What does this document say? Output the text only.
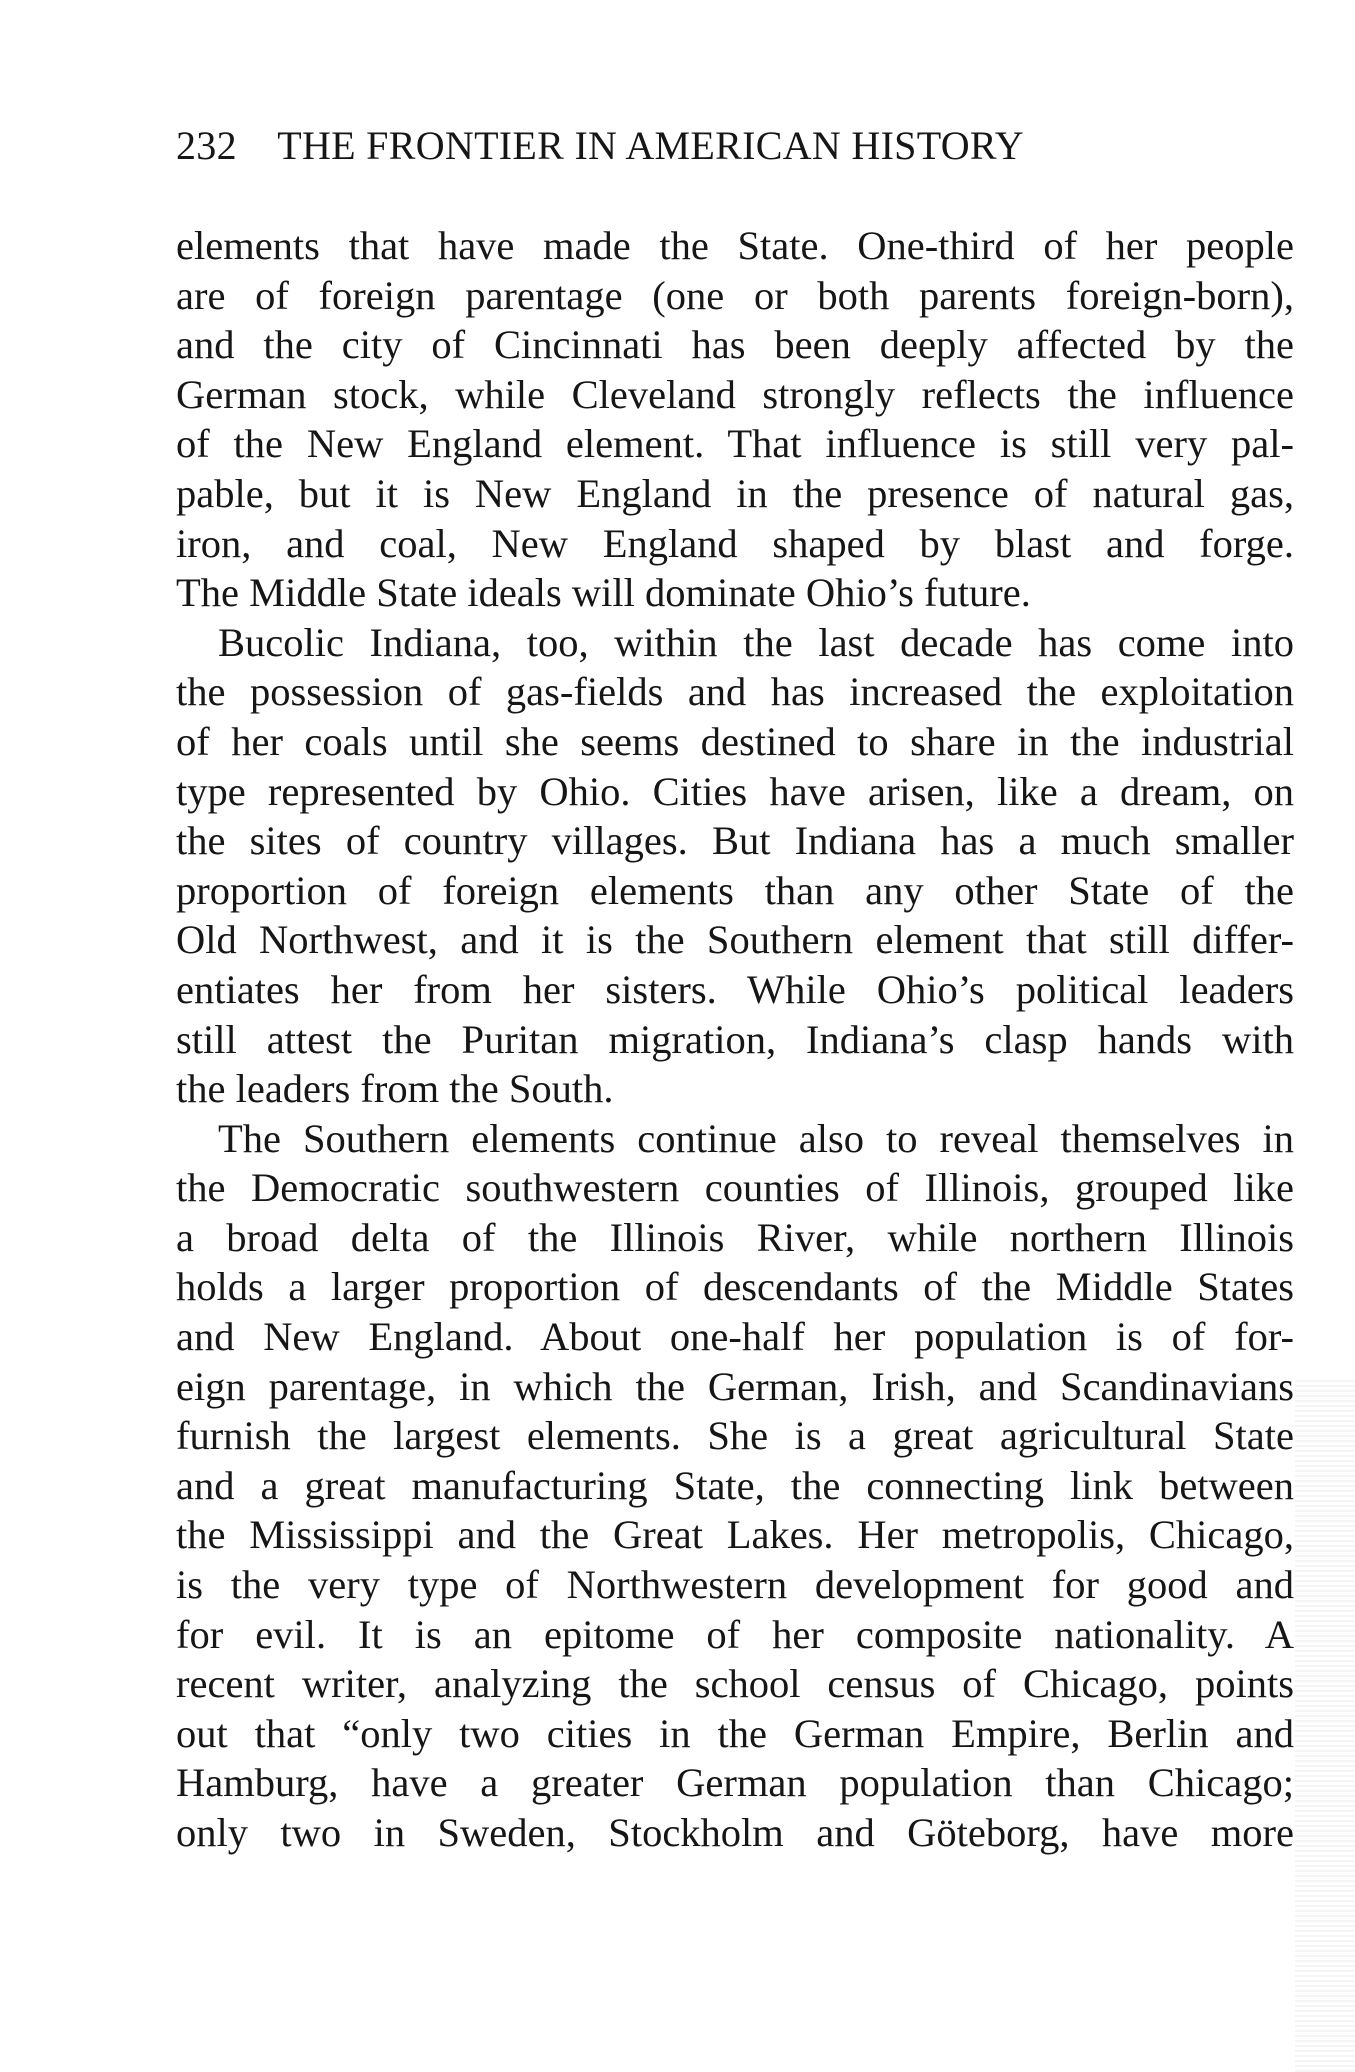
232 THE FRONTIER IN AMERICAN HISTORY
elements that have made the State. One-third of her people
are of foreign parentage (one or both parents foreign-born),
and the city of Cincinnati has been deeply affected by the
German stock, while Cleveland strongly reflects the influence
of the New England element. That influence is still very pal-
pable, but it is New England in the presence of natural gas,
iron, and coal, New England shaped by blast and forge.
The Middle State ideals will dominate Ohio’s future.
Bucolic Indiana, too, within the last decade has come into
the possession of gas-fields and has increased the exploitation
of her coals until she seems destined to share in the industrial
type represented by Ohio. Cities have arisen, like a dream, on
the sites of country villages. But Indiana has a much smaller
proportion of foreign elements than any other State of the
Old Northwest, and it is the Southern element that still differ-
entiates her from her sisters. While Ohio’s political leaders
still attest the Puritan migration, Indiana’s clasp hands with
the leaders from the South.
The Southern elements continue also to reveal themselves in
the Democratic southwestern counties of Illinois, grouped like
a broad delta of the Illinois River, while northern Illinois
holds a larger proportion of descendants of the Middle States
and New England. About one-half her population is of for-
eign parentage, in which the German, Irish, and Scandinavians
furnish the largest elements. She is a great agricultural State
and a great manufacturing State, the connecting link between
the Mississippi and the Great Lakes. Her metropolis, Chicago,
is the very type of Northwestern development for good and
for evil. It is an epitome of her composite nationality. A
recent writer, analyzing the school census of Chicago, points
out that “only two cities in the German Empire, Berlin and
Hamburg, have a greater German population than Chicago;
only two in Sweden, Stockholm and Göteborg, have more
